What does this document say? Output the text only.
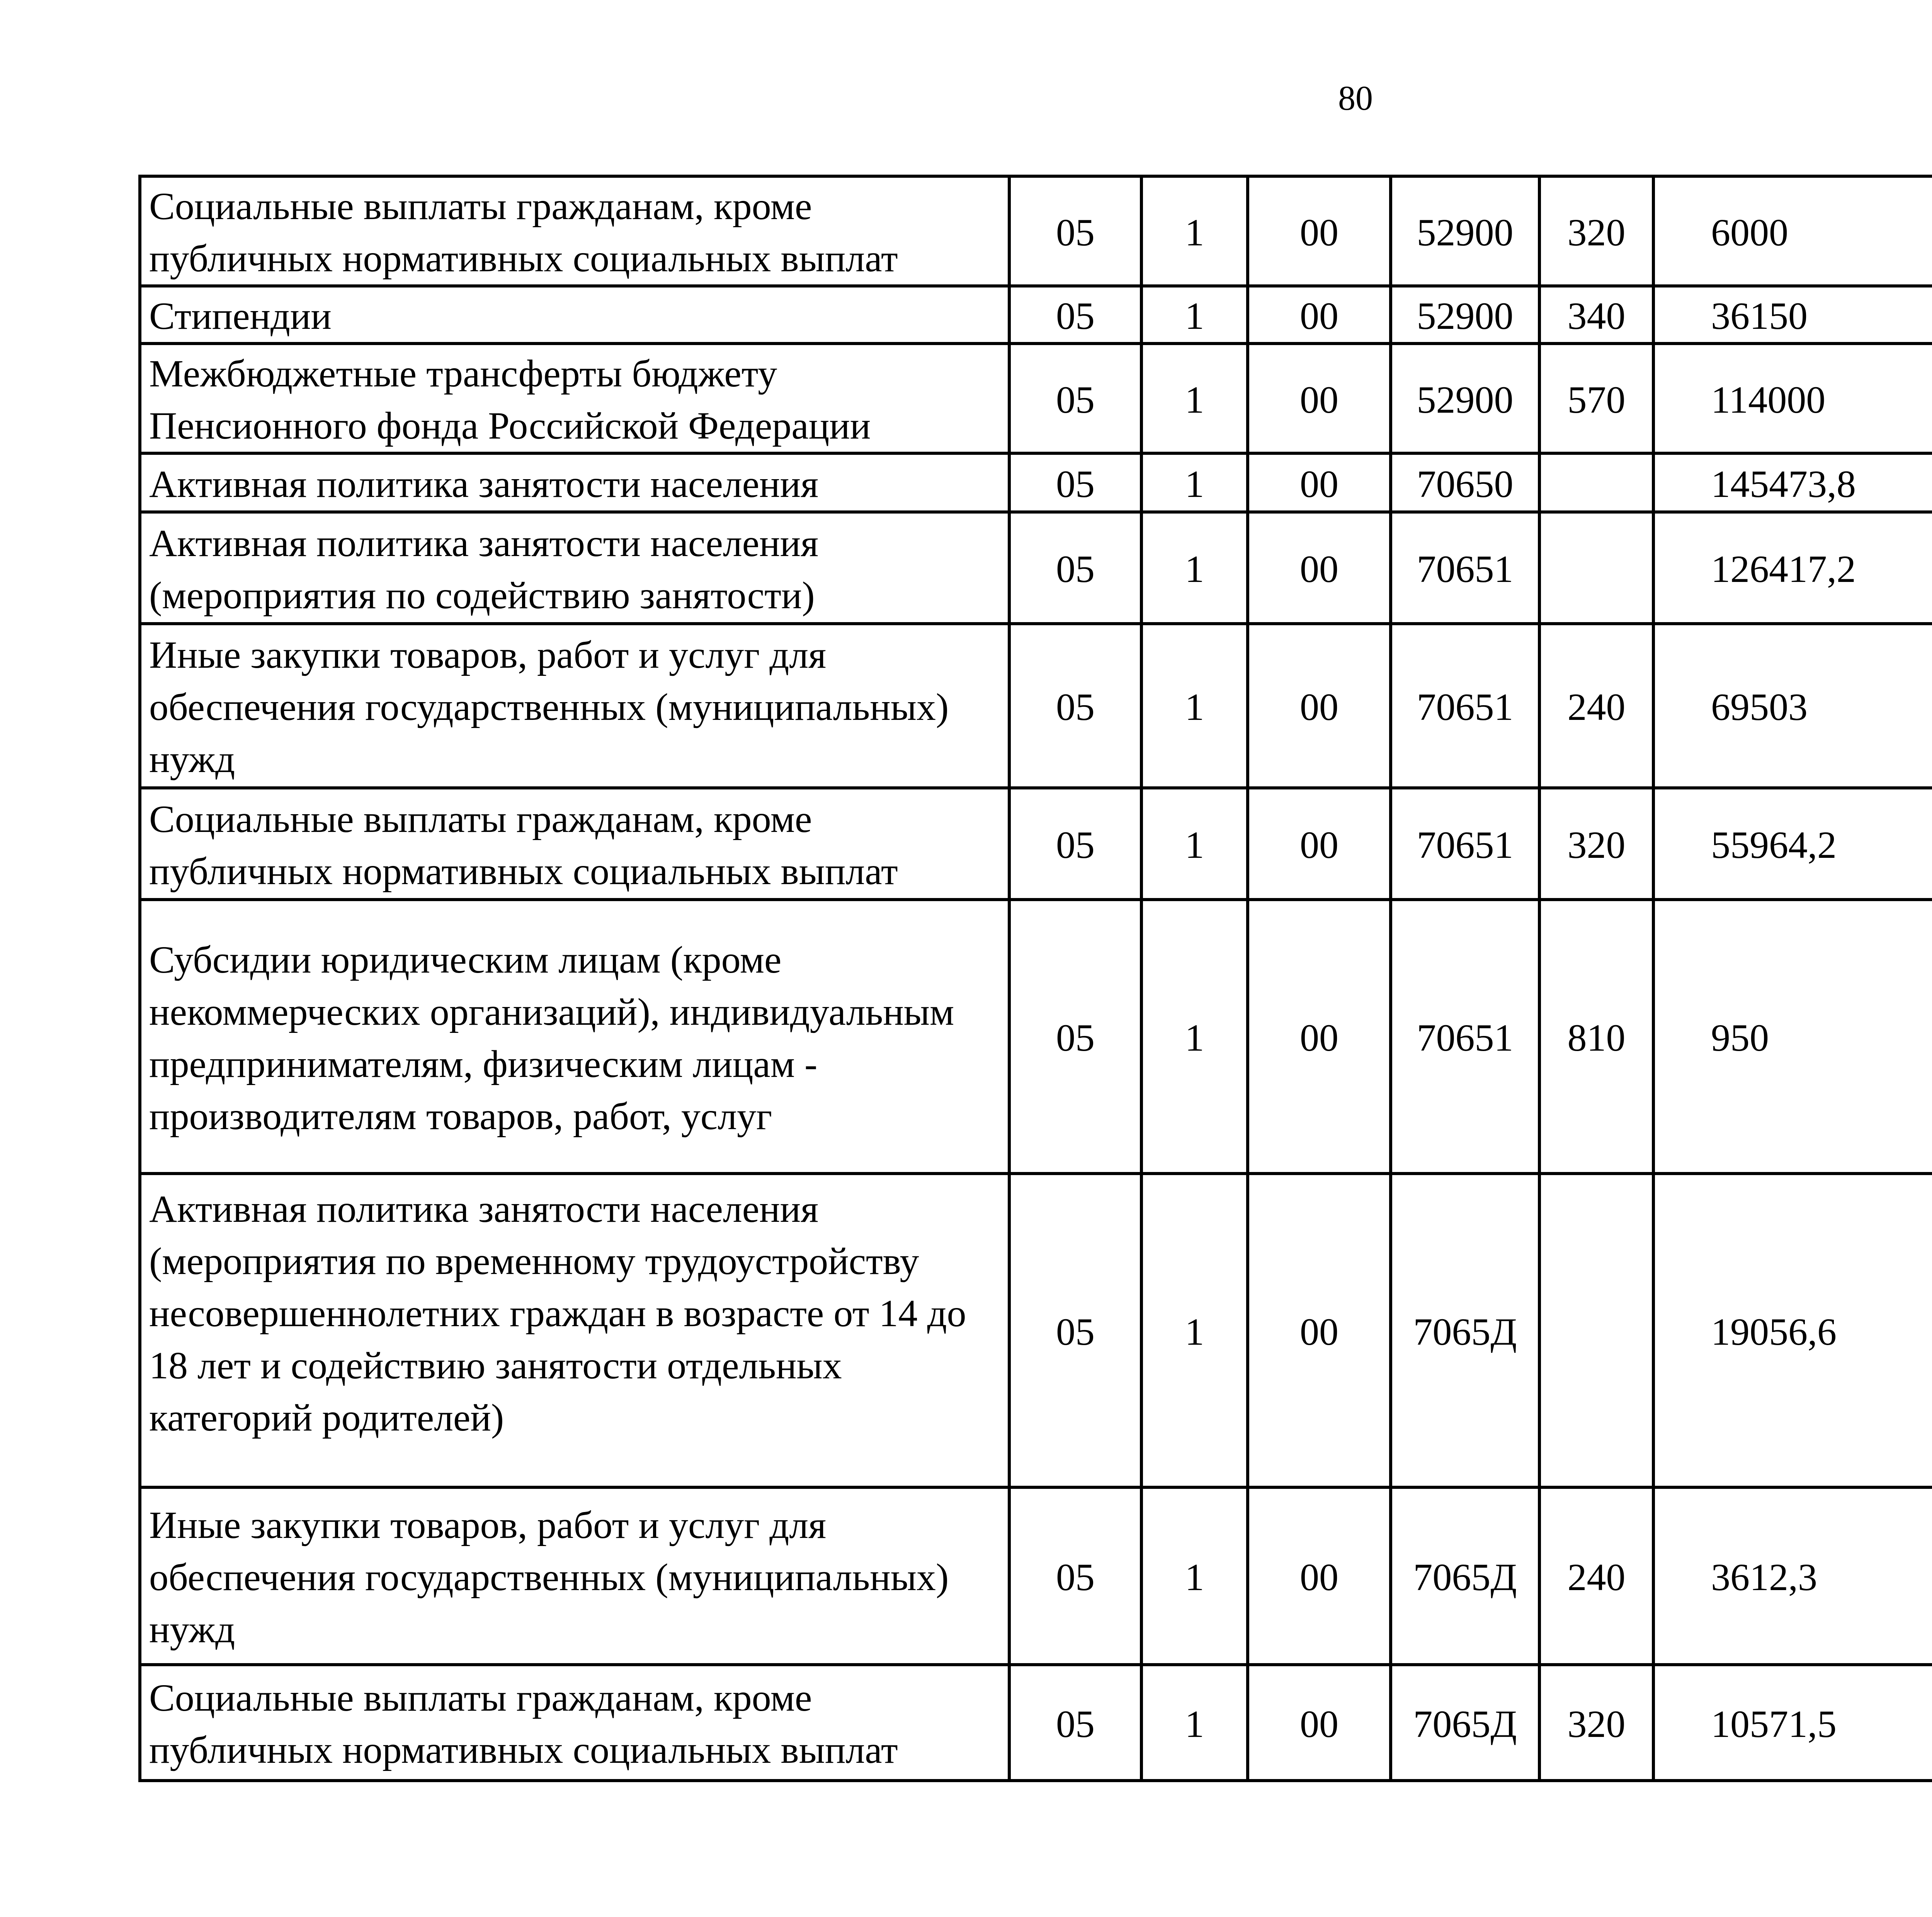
80
Социальные выплаты гражданам, кроме публичных нормативных социальных выплат	05	1	00	52900	320	6000		
Стипендии	05	1	00	52900	340	36150		
Межбюджетные трансферты бюджету Пенсионного фонда Российской Федерации	05	1	00	52900	570	114000		
Активная политика занятости населения	05	1	00	70650		145473,8		
Активная политика занятости населения (мероприятия по содействию занятости)	05	1	00	70651		126417,2		
Иные закупки товаров, работ и услуг для обеспечения государственных (муниципальных) нужд	05	1	00	70651	240	69503		
Социальные выплаты гражданам, кроме публичных нормативных социальных выплат	05	1	00	70651	320	55964,2		
Субсидии юридическим лицам (кроме некоммерческих организаций), индивидуальным предпринимателям, физическим лицам - производителям товаров, работ, услуг	05	1	00	70651	810	950		
Активная политика занятости населения (мероприятия по временному трудоустройству несовершеннолетних граждан в возрасте от 14 до 18 лет и содействию занятости отдельных категорий родителей)	05	1	00	7065Д		19056,6		
Иные закупки товаров, работ и услуг для обеспечения государственных (муниципальных) нужд	05	1	00	7065Д	240	3612,3		
Социальные выплаты гражданам, кроме публичных нормативных социальных выплат	05	1	00	7065Д	320	10571,5		
